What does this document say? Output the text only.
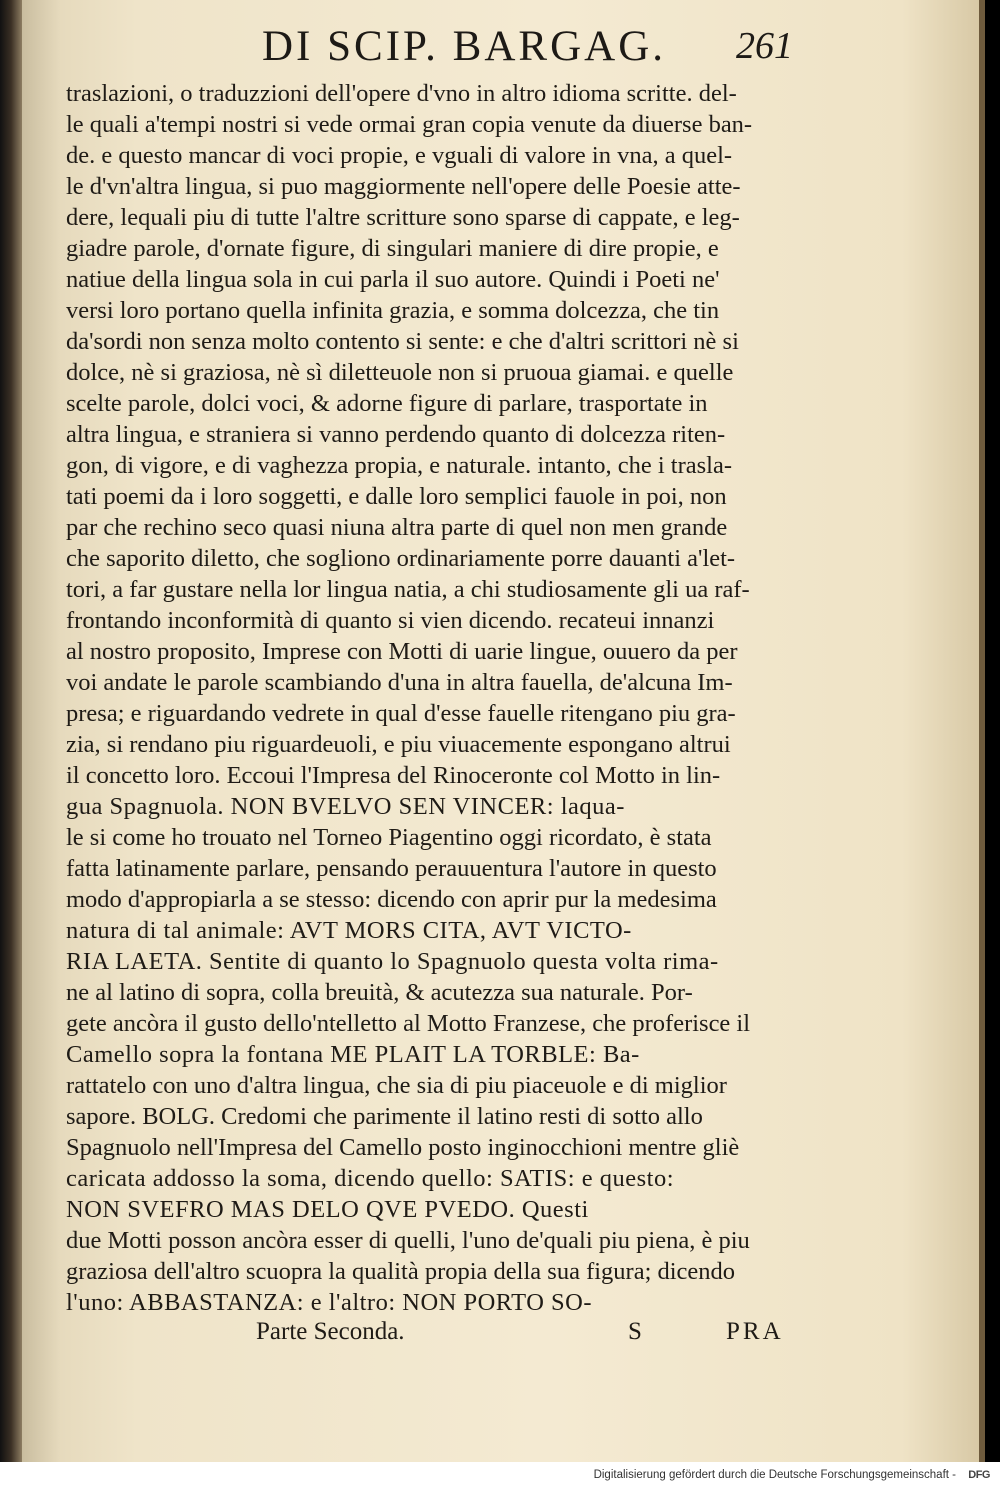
DI SCIP. BARGAG. 261
traslazioni, o traduzzioni dell'opere d'vno in altro idioma scritte. del-
le quali a'tempi nostri si vede ormai gran copia venute da diuerse ban-
de. e questo mancar di voci propie, e vguali di valore in vna, a quel-
le d'vn'altra lingua, si puo maggiormente nell'opere delle Poesie atte-
dere, lequali piu di tutte l'altre scritture sono sparse di cappate, e leg-
giadre parole, d'ornate figure, di singulari maniere di dire propie, e
natiue della lingua sola in cui parla il suo autore. Quindi i Poeti ne'
versi loro portano quella infinita grazia, e somma dolcezza, che tin
da'sordi non senza molto contento si sente: e che d'altri scrittori nè si
dolce, nè si graziosa, nè sì diletteuole non si pruoua giamai. e quelle
scelte parole, dolci voci, & adorne figure di parlare, trasportate in
altra lingua, e straniera si vanno perdendo quanto di dolcezza riten-
gon, di vigore, e di vaghezza propia, e naturale. intanto, che i trasla-
tati poemi da i loro soggetti, e dalle loro semplici fauole in poi, non
par che rechino seco quasi niuna altra parte di quel non men grande
che saporito diletto, che sogliono ordinariamente porre dauanti a'let-
tori, a far gustare nella lor lingua natia, a chi studiosamente gli ua raf-
frontando inconformità di quanto si vien dicendo. recateui innanzi
al nostro proposito, Imprese con Motti di uarie lingue, ouuero da per
voi andate le parole scambiando d'una in altra fauella, de'alcuna Im-
presa; e riguardando vedrete in qual d'esse fauelle ritengano piu gra-
zia, si rendano piu riguardeuoli, e piu viuacemente espongano altrui
il concetto loro. Eccoui l'Impresa del Rinoceronte col Motto in lin-
gua Spagnuola. NON BVELVO SEN VINCER: laqua-
le si come ho trouato nel Torneo Piagentino oggi ricordato, è stata
fatta latinamente parlare, pensando perauuentura l'autore in questo
modo d'appropiarla a se stesso: dicendo con aprir pur la medesima
natura di tal animale: AVT MORS CITA, AVT VICTO-
RIA LAETA. Sentite di quanto lo Spagnuolo questa volta rima-
ne al latino di sopra, colla breuità, & acutezza sua naturale. Por-
gete ancòra il gusto dello'ntelletto al Motto Franzese, che proferisce il
Camello sopra la fontana ME PLAIT LA TORBLE: Ba-
rattatelo con uno d'altra lingua, che sia di piu piaceuole e di miglior
sapore. BOLG. Credomi che parimente il latino resti di sotto allo
Spagnuolo nell'Impresa del Camello posto inginocchioni mentre gliè
caricata addosso la soma, dicendo quello: SATIS: e questo:
NON SVEFRO MAS DELO QVE PVEDO. Questi
due Motti posson ancòra esser di quelli, l'uno de'quali piu piena, è piu
graziosa dell'altro scuopra la qualità propia della sua figura; dicendo
l'uno: ABBASTANZA: e l'altro: NON PORTO SO-
Parte Seconda.	S	PRA
Digitalisierung gefördert durch die Deutsche Forschungsgemeinschaft - DFG
